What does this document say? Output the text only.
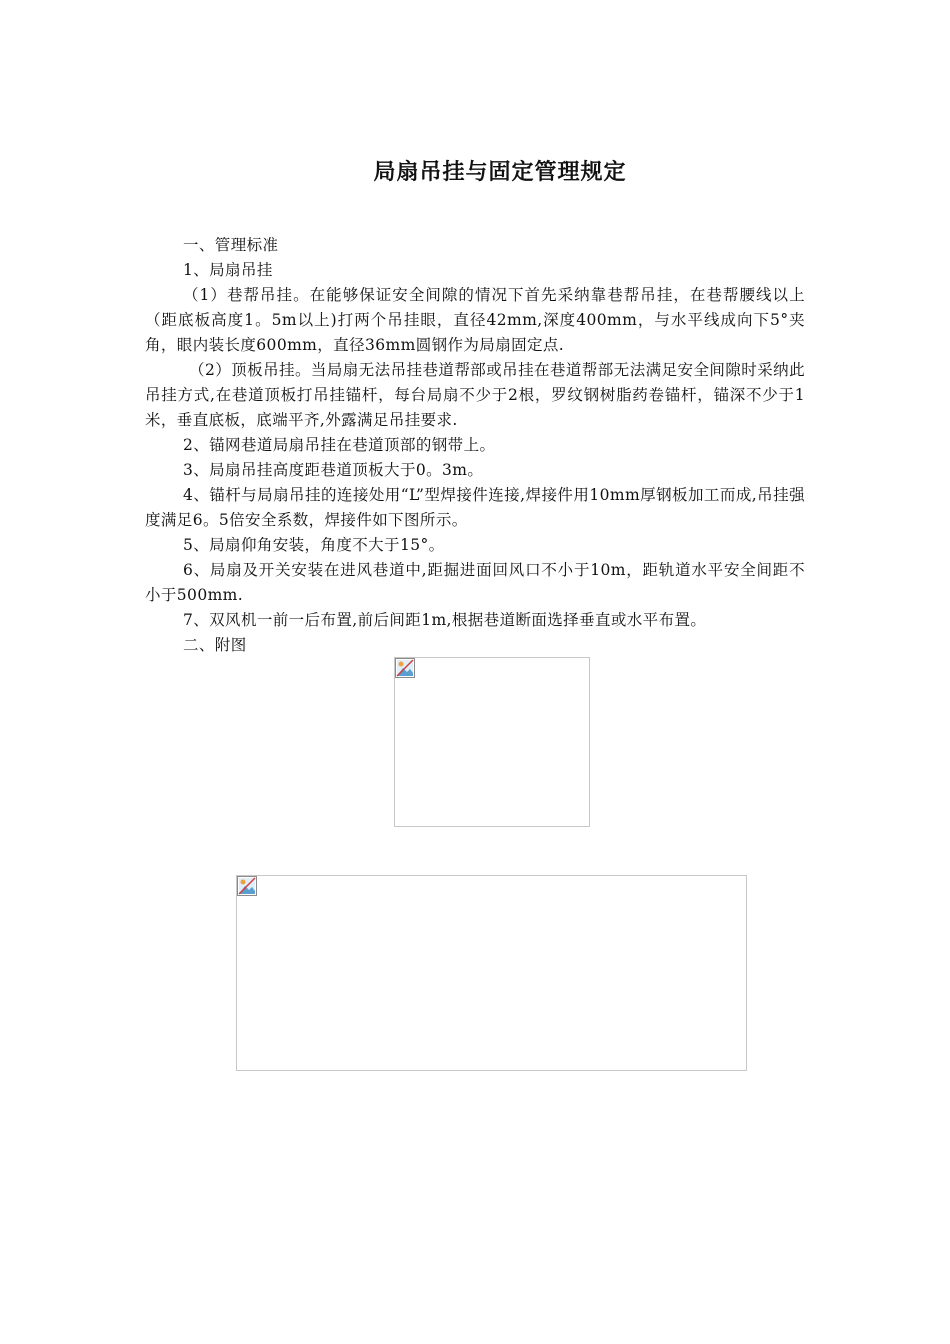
局扇吊挂与固定管理规定

一、管理标准

1、局扇吊挂

（1）巷帮吊挂。在能够保证安全间隙的情况下首先采纳靠巷帮吊挂，在巷帮腰线以上（距底板高度1。5m以上)打两个吊挂眼，直径42mm,深度400mm，与水平线成向下5°夹角，眼内装长度600mm，直径36mm圆钢作为局扇固定点.

（2）顶板吊挂。当局扇无法吊挂巷道帮部或吊挂在巷道帮部无法满足安全间隙时采纳此吊挂方式,在巷道顶板打吊挂锚杆，每台局扇不少于2根，罗纹钢树脂药卷锚杆，锚深不少于1米，垂直底板，底端平齐,外露满足吊挂要求.

2、锚网巷道局扇吊挂在巷道顶部的钢带上。

3、局扇吊挂高度距巷道顶板大于0。3m。

4、锚杆与局扇吊挂的连接处用“L”型焊接件连接,焊接件用10mm厚钢板加工而成,吊挂强度满足6。5倍安全系数，焊接件如下图所示。

5、局扇仰角安装，角度不大于15°。

6、局扇及开关安装在进风巷道中,距掘进面回风口不小于10m，距轨道水平安全间距不小于500mm.

7、双风机一前一后布置,前后间距1m,根据巷道断面选择垂直或水平布置。

二、附图
